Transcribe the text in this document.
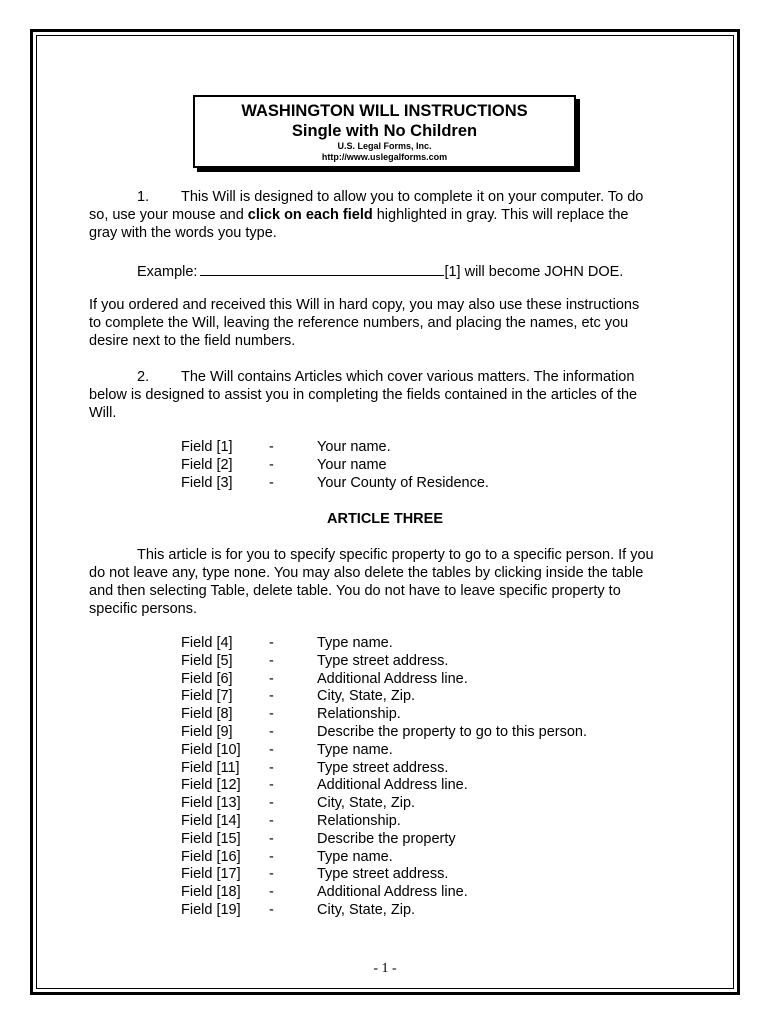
WASHINGTON WILL INSTRUCTIONS
Single with No Children
U.S. Legal Forms, Inc.
http://www.uslegalforms.com
1. This Will is designed to allow you to complete it on your computer. To do
so, use your mouse and click on each field highlighted in gray. This will replace the
gray with the words you type.
Example:	[1] will become JOHN DOE.
If you ordered and received this Will in hard copy, you may also use these instructions
to complete the Will, leaving the reference numbers, and placing the names, etc you
desire next to the field numbers.
2. The Will contains Articles which cover various matters. The information
below is designed to assist you in completing the fields contained in the articles of the
Will.
Field [1]	-	Your name.
Field [2]	-	Your name
Field [3]	-	Your County of Residence.
ARTICLE THREE
This article is for you to specify specific property to go to a specific person. If you
do not leave any, type none. You may also delete the tables by clicking inside the table
and then selecting Table, delete table. You do not have to leave specific property to
specific persons.
Field [4]	-	Type name.
Field [5]	-	Type street address.
Field [6]	-	Additional Address line.
Field [7]	-	City, State, Zip.
Field [8]	-	Relationship.
Field [9]	-	Describe the property to go to this person.
Field [10] -	Type name.
Field [11] -	Type street address.
Field [12] -	Additional Address line.
Field [13] -	City, State, Zip.
Field [14] -	Relationship.
Field [15] -	Describe the property
Field [16] -	Type name.
Field [17] -	Type street address.
Field [18] -	Additional Address line.
Field [19] -	City, State, Zip.
- 1 -
